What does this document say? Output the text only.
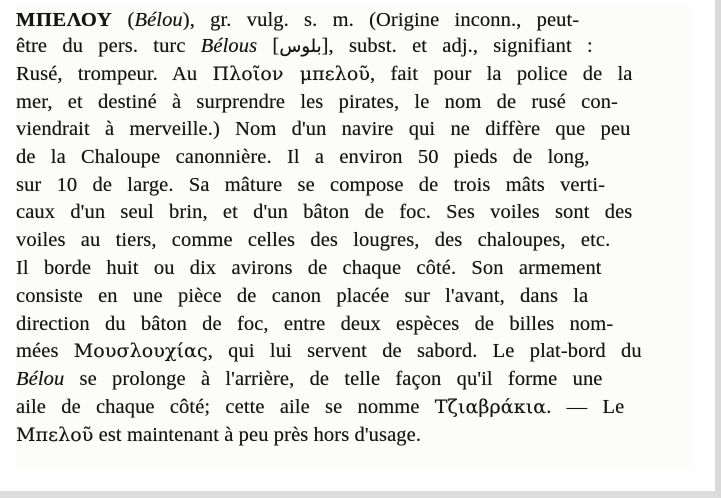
ΜΠΕΛΟΥ (Bélou), gr. vulg. s. m. (Origine inconn., peut-
être du pers. turc Bélous [بلوس], subst. et adj., signifiant :
Rusé, trompeur. Au Πλοῖον μπελοῦ, fait pour la police de la
mer, et destiné à surprendre les pirates, le nom de rusé con-
viendrait à merveille.) Nom d'un navire qui ne diffère que peu
de la Chaloupe canonnière. Il a environ 50 pieds de long,
sur 10 de large. Sa mâture se compose de trois mâts verti-
caux d'un seul brin, et d'un bâton de foc. Ses voiles sont des
voiles au tiers, comme celles des lougres, des chaloupes, etc.
Il borde huit ou dix avirons de chaque côté. Son armement
consiste en une pièce de canon placée sur l'avant, dans la
direction du bâton de foc, entre deux espèces de billes nom-
mées Μουσλουχίας, qui lui servent de sabord. Le plat-bord du
Bélou se prolonge à l'arrière, de telle façon qu'il forme une
aile de chaque côté; cette aile se nomme Τζιαβράκια. — Le
Μπελοῦ est maintenant à peu près hors d'usage.
